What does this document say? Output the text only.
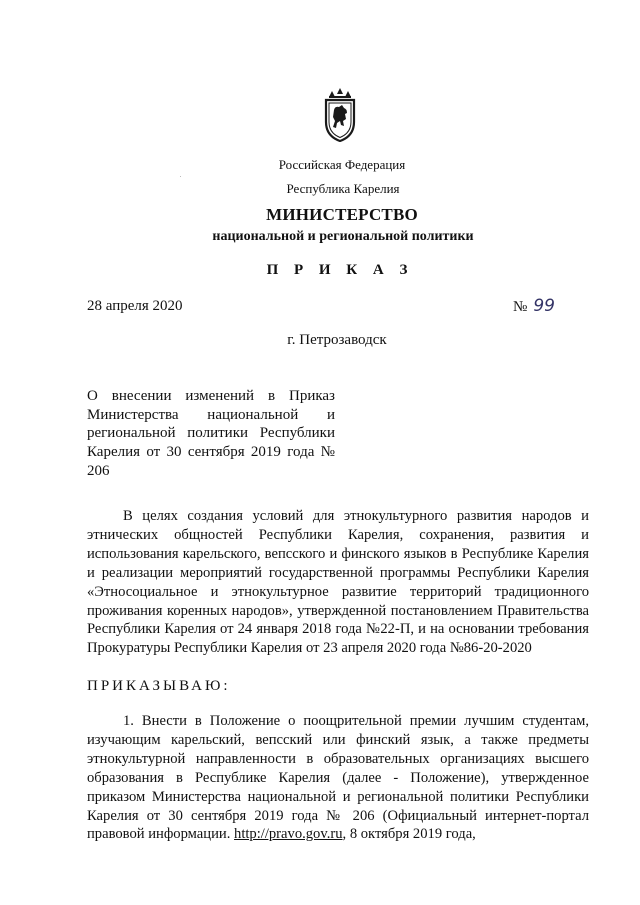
Российская Федерация
Республика Карелия
МИНИСТЕРСТВО
национальной и региональной политики
П Р И К А З
28 апреля 2020	№ 99
г. Петрозаводск
О внесении изменений в Приказ Министерства национальной и региональной политики Республики Карелия от 30 сентября 2019 года № 206
В целях создания условий для этнокультурного развития народов и этнических общностей Республики Карелия, сохранения, развития и использования карельского, вепсского и финского языков в Республике Карелия и реализации мероприятий государственной программы Республики Карелия «Этносоциальное и этнокультурное развитие территорий традиционного проживания коренных народов», утвержденной постановлением Правительства Республики Карелия от 24 января 2018 года №22-П, и на основании требования Прокуратуры Республики Карелия от 23 апреля 2020 года №86-20-2020
ПРИКАЗЫВАЮ:
1. Внести в Положение о поощрительной премии лучшим студентам, изучающим карельский, вепсский или финский язык, а также предметы этнокультурной направленности в образовательных организациях высшего образования в Республике Карелия (далее - Положение), утвержденное приказом Министерства национальной и региональной политики Республики Карелия от 30 сентября 2019 года № 206 (Официальный интернет-портал правовой информации. http://pravo.gov.ru, 8 октября 2019 года,
